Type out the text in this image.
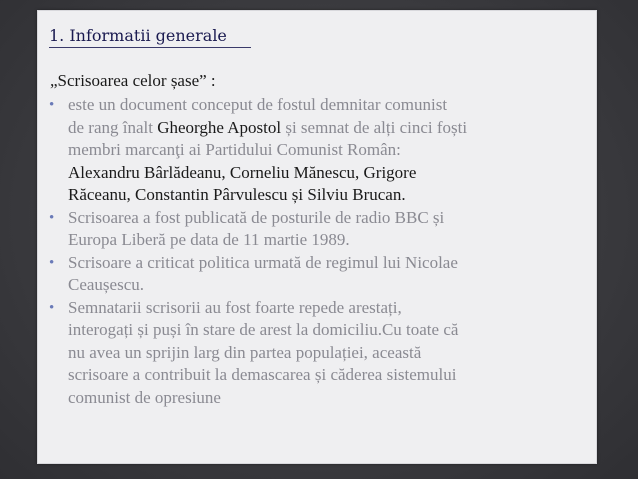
1. Informatii generale
„Scrisoarea celor șase” :
• este un document conceput de fostul demnitar comunist
de rang înalt Gheorghe Apostol și semnat de alți cinci foști
membri marcanţi ai Partidului Comunist Român:
Alexandru Bârlădeanu, Corneliu Mănescu, Grigore
Răceanu, Constantin Pârvulescu și Silviu Brucan.
• Scrisoarea a fost publicată de posturile de radio BBC și
Europa Liberă pe data de 11 martie 1989.
• Scrisoare a criticat politica urmată de regimul lui Nicolae
Ceaușescu.
• Semnatarii scrisorii au fost foarte repede arestați,
interogați și puși în stare de arest la domiciliu.Cu toate că
nu avea un sprijin larg din partea populației, această
scrisoare a contribuit la demascarea și căderea sistemului
comunist de opresiune
